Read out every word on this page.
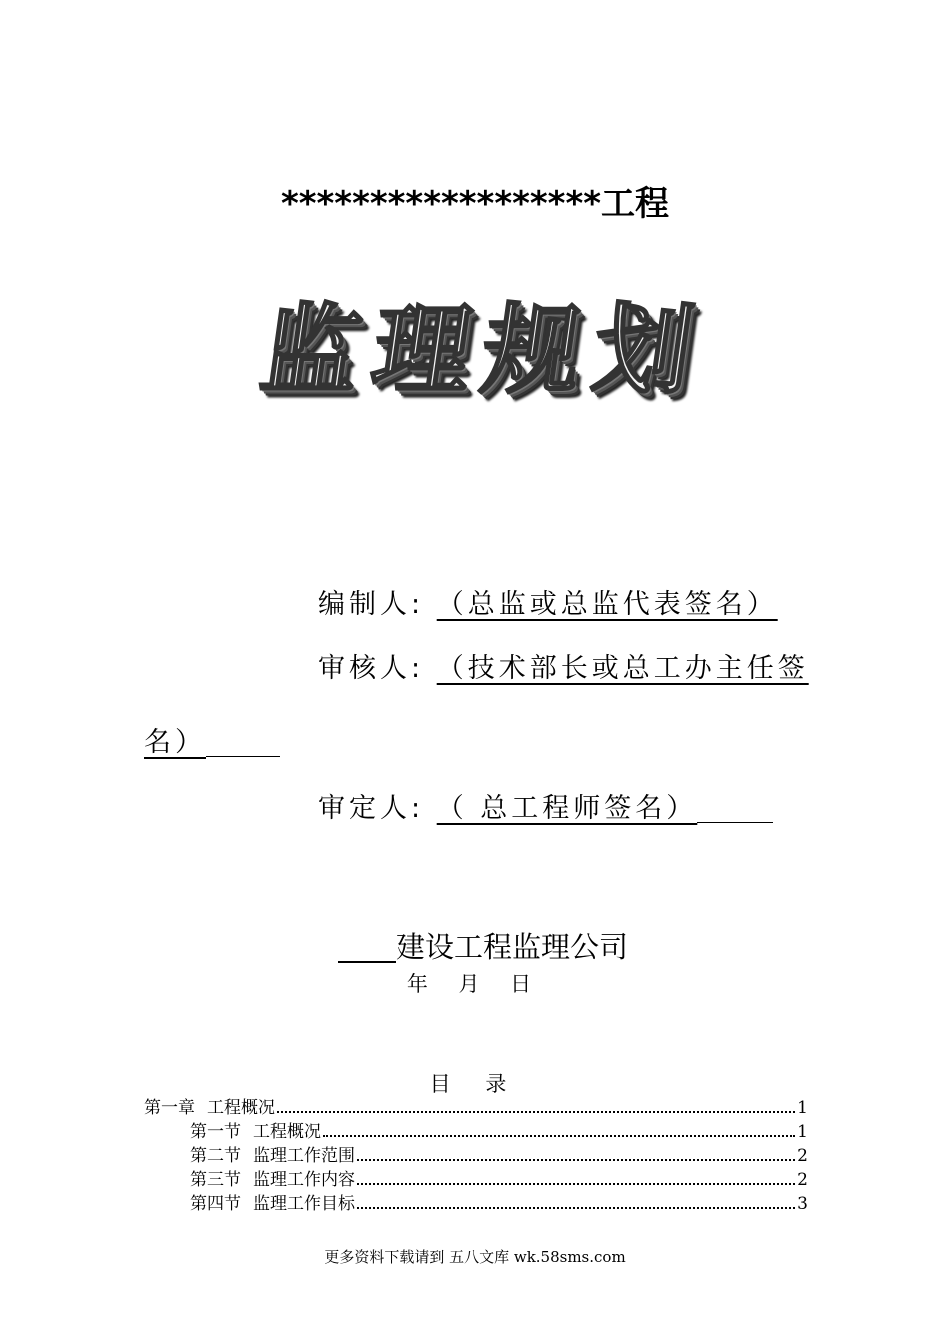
******************工程
监
理
规
划
编制人: （总监或总监代表签名）
审核人: （技术部长或总工办主任签
名）
审定人: （ 总工程师签名）
建设工程监理公司
年 月 日
目 录
第一章 工程概况	1
第一节 工程概况	1
第二节 监理工作范围	2
第三节 监理工作内容	2
第四节 监理工作目标	3
更多资料下载请到 五八文库 wk.58sms.com
